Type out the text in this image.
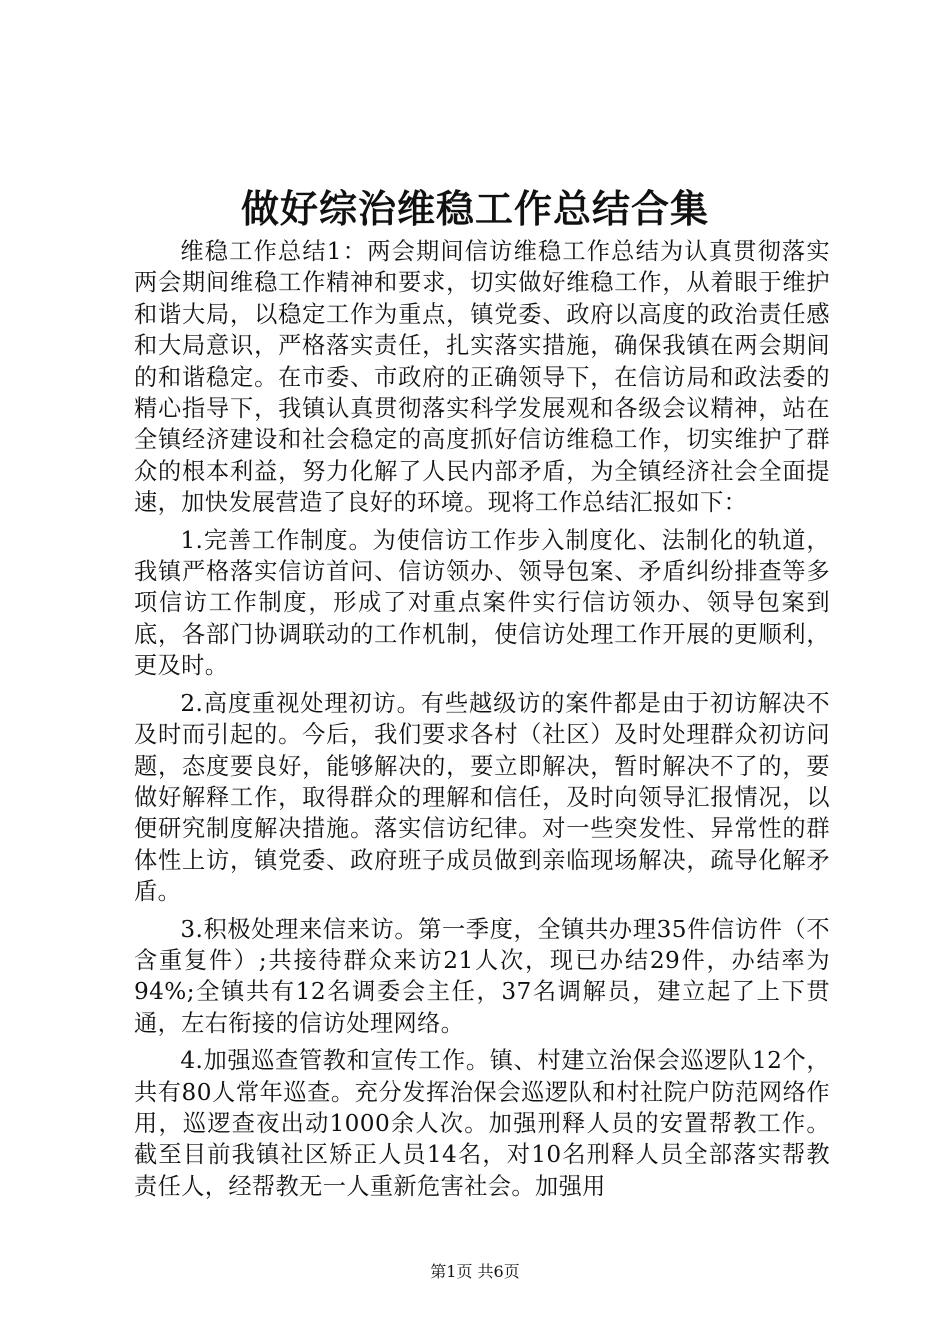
做好综治维稳工作总结合集

维稳工作总结1：两会期间信访维稳工作总结为认真贯彻落实两会期间维稳工作精神和要求，切实做好维稳工作，从着眼于维护和谐大局，以稳定工作为重点，镇党委、政府以高度的政治责任感和大局意识，严格落实责任，扎实落实措施，确保我镇在两会期间的和谐稳定。在市委、市政府的正确领导下，在信访局和政法委的精心指导下，我镇认真贯彻落实科学发展观和各级会议精神，站在全镇经济建设和社会稳定的高度抓好信访维稳工作，切实维护了群众的根本利益，努力化解了人民内部矛盾，为全镇经济社会全面提速，加快发展营造了良好的环境。现将工作总结汇报如下：

1.完善工作制度。为使信访工作步入制度化、法制化的轨道，我镇严格落实信访首问、信访领办、领导包案、矛盾纠纷排查等多项信访工作制度，形成了对重点案件实行信访领办、领导包案到底，各部门协调联动的工作机制，使信访处理工作开展的更顺利，更及时。

2.高度重视处理初访。有些越级访的案件都是由于初访解决不及时而引起的。今后，我们要求各村（社区）及时处理群众初访问题，态度要良好，能够解决的，要立即解决，暂时解决不了的，要做好解释工作，取得群众的理解和信任，及时向领导汇报情况，以便研究制度解决措施。落实信访纪律。对一些突发性、异常性的群体性上访，镇党委、政府班子成员做到亲临现场解决，疏导化解矛盾。

3.积极处理来信来访。第一季度，全镇共办理35件信访件（不含重复件）;共接待群众来访21人次，现已办结29件，办结率为94%;全镇共有12名调委会主任，37名调解员，建立起了上下贯通，左右衔接的信访处理网络。

4.加强巡查管教和宣传工作。镇、村建立治保会巡逻队12个，共有80人常年巡查。充分发挥治保会巡逻队和村社院户防范网络作用，巡逻查夜出动1000余人次。加强刑释人员的安置帮教工作。截至目前我镇社区矫正人员14名，对10名刑释人员全部落实帮教责任人，经帮教无一人重新危害社会。加强用

第1页 共6页
